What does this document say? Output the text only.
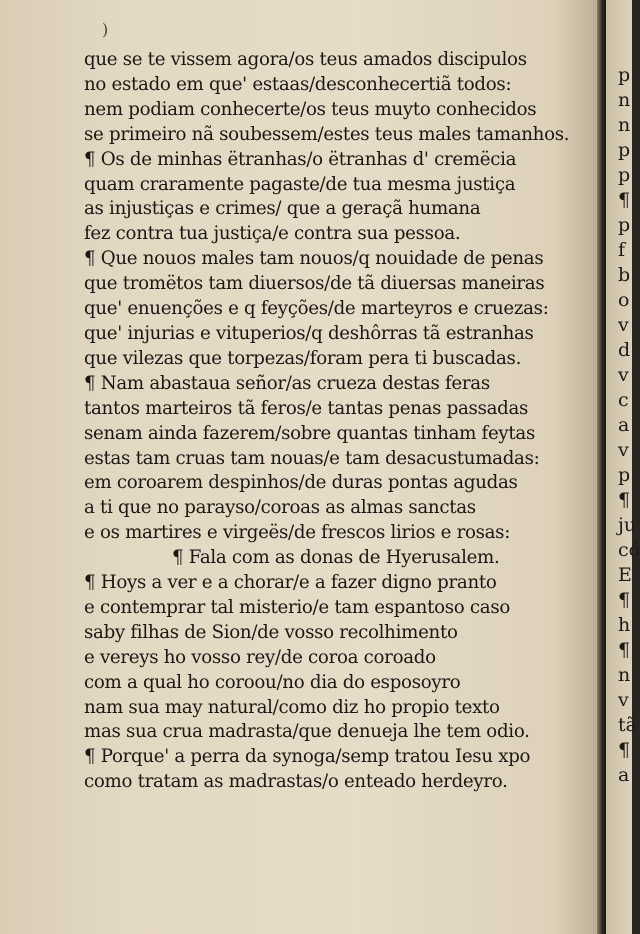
)
que se te vissem agora/os teus amados discipulos
no estado em que' estaas/desconhecertiã todos:
nem podiam conhecerte/os teus muyto conhecidos
se primeiro nã soubessem/estes teus males tamanhos.
¶ Os de minhas ëtranhas/o ëtranhas d' cremëcia
quam craramente pagaste/de tua mesma justiça
as injustiças e crimes/ que a geraçã humana
fez contra tua justiça/e contra sua pessoa.
¶ Que nouos males tam nouos/q nouidade de penas
que tromëtos tam diuersos/de tã diuersas maneiras
que' enuenções e q feyções/de marteyros e cruezas:
que' injurias e vituperios/q deshôrras tã estranhas
que vilezas que torpezas/foram pera ti buscadas.
¶ Nam abastaua señor/as crueza destas feras
tantos marteiros tã feros/e tantas penas passadas
senam ainda fazerem/sobre quantas tinham feytas
estas tam cruas tam nouas/e tam desacustumadas:
em coroarem despinhos/de duras pontas agudas
a ti que no parayso/coroas as almas sanctas
e os martires e virgeës/de frescos lirios e rosas:
¶ Fala com as donas de Hyerusalem.
¶ Hoys a ver e a chorar/e a fazer digno pranto
e contemprar tal misterio/e tam espantoso caso
saby filhas de Sion/de vosso recolhimento
e vereys ho vosso rey/de coroa coroado
com a qual ho coroou/no dia do esposoyro
nam sua may natural/como diz ho propio texto
mas sua crua madrasta/que denueja lhe tem odio.
¶ Porque' a perra da synoga/semp tratou Iesu xpo
como tratam as madrastas/o enteado herdeyro.
p
n
n
p
p
¶
p
f
b
o
v
d
v
c
a
v
p
¶
ju
có
E
¶
h
¶
n
v
tã
¶
a
